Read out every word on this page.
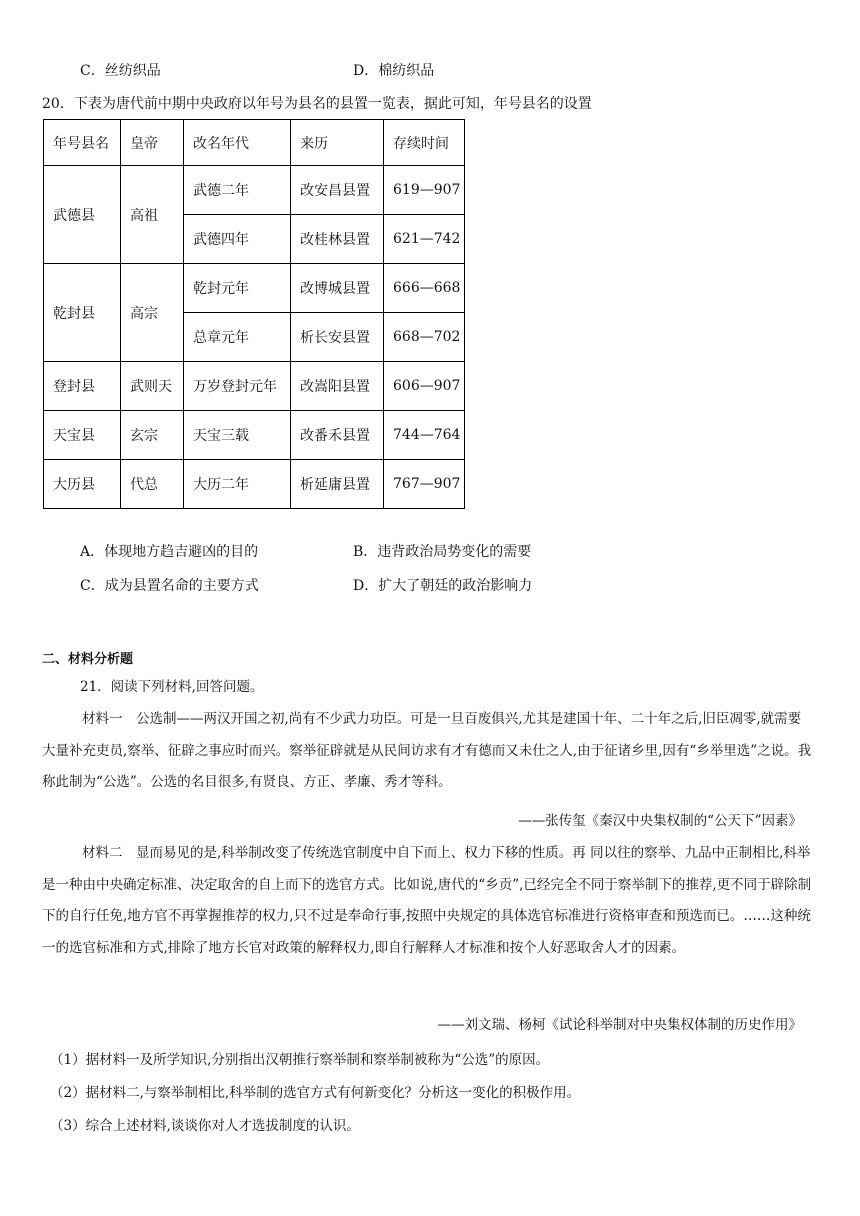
C．丝纺织品	D．棉纺织品
20．下表为唐代前中期中央政府以年号为县名的县置一览表，据此可知，年号县名的设置
年号县名	皇帝	改名年代	来历	存续时间
武德县	高祖	武德二年	改安昌县置	619—907
		武德四年	改桂林县置	621—742
乾封县	高宗	乾封元年	改博城县置	666—668
		总章元年	析长安县置	668—702
登封县	武则天	万岁登封元年	改嵩阳县置	606—907
天宝县	玄宗	天宝三载	改番禾县置	744—764
大历县	代总	大历二年	析延庸县置	767—907
A．体现地方趋吉避凶的目的	B．违背政治局势变化的需要
C．成为县置名命的主要方式	D．扩大了朝廷的政治影响力
二、材料分析题
21．阅读下列材料,回答问题。

材料一　公选制——两汉开国之初,尚有不少武力功臣。可是一旦百废俱兴,尤其是建国十年、二十年之后,旧臣凋零,就需要大量补充吏员,察举、征辟之事应时而兴。察举征辟就是从民间访求有才有德而又未仕之人,由于征诸乡里,因有“乡举里选”之说。我称此制为“公选”。公选的名目很多,有贤良、方正、孝廉、秀才等科。

——张传玺《秦汉中央集权制的“公天下”因素》

材料二　显而易见的是,科举制改变了传统选官制度中自下而上、权力下移的性质。再 同以往的察举、九品中正制相比,科举是一种由中央确定标准、决定取舍的自上而下的选官方式。比如说,唐代的“乡贡”,已经完全不同于察举制下的推荐,更不同于辟除制下的自行任免,地方官不再掌握推荐的权力,只不过是奉命行事,按照中央规定的具体选官标准进行资格审查和预选而已。……这种统一的选官标准和方式,排除了地方长官对政策的解释权力,即自行解释人才标准和按个人好恶取舍人才的因素。

——刘文瑞、杨柯《试论科举制对中央集权体制的历史作用》
（1）据材料一及所学知识,分别指出汉朝推行察举制和察举制被称为“公选”的原因。
（2）据材料二,与察举制相比,科举制的选官方式有何新变化？分析这一变化的积极作用。
（3）综合上述材料,谈谈你对人才选拔制度的认识。
